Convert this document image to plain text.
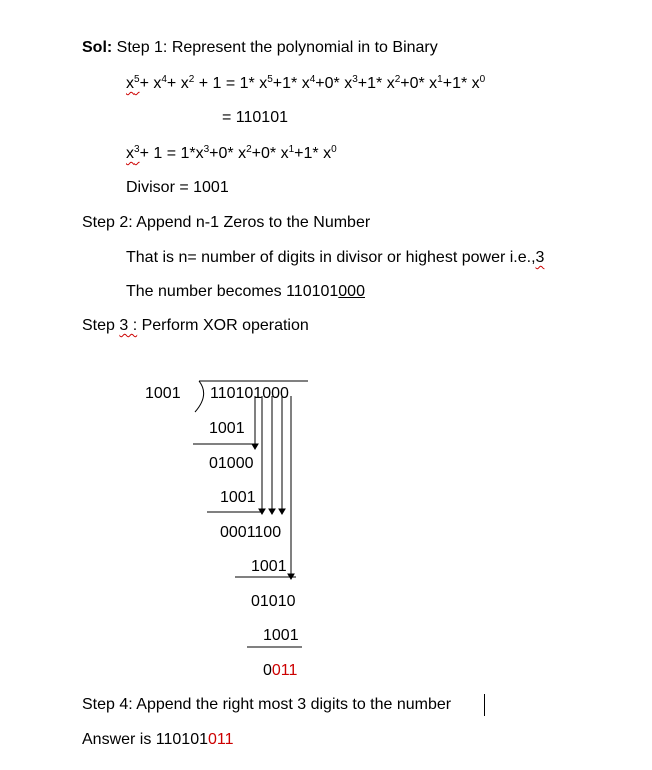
Sol: Step 1: Represent the polynomial in to Binary
$x^5+ x^4+ x^2 + 1 = 1*$ $x^5+1*$ $x^4+0*$ $x^3+1*$ $x^2+0*$ $x^1+1*$ $x^0$
= 110101
$x^3+ 1 = 1*x^3+0*$ $x^2+0*$ $x^1+1*$ $x^0$
Divisor = 1001
Step 2: Append n-1 Zeros to the Number
That is n= number of digits in divisor or highest power i.e.,3
The number becomes 110101000
Step 3 : Perform XOR operation
1001 110101000
1001
01000
1001
0001100
1001
01010
1001
0011
Step 4: Append the right most 3 digits to the number
Answer is 110101011
